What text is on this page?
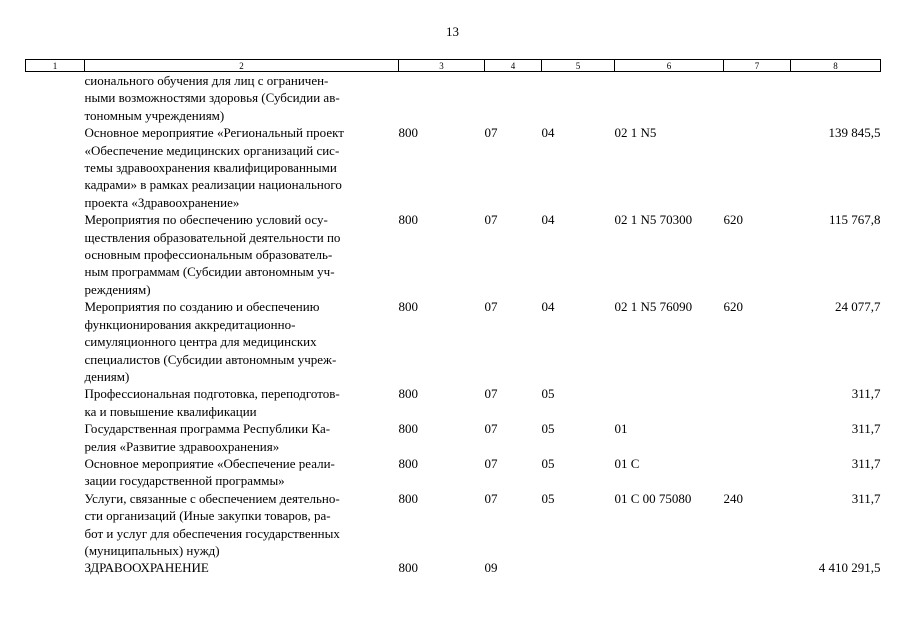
13
1	2	3	4	5	6	7	8
	сионального обучения для лиц с ограничен-
ными возможностями здоровья (Субсидии ав-
тономным учреждениям)						
	Основное мероприятие «Региональный проект
«Обеспечение медицинских организаций сис-
темы здравоохранения квалифицированными
кадрами» в рамках реализации национального
проекта «Здравоохранение»	800	07	04	02 1 N5		139 845,5
	Мероприятия по обеспечению условий осу-
ществления образовательной деятельности по
основным профессиональным образователь-
ным программам (Субсидии автономным уч-
реждениям)	800	07	04	02 1 N5 70300	620	115 767,8
	Мероприятия по созданию и обеспечению
функционирования аккредитационно-
симуляционного центра для медицинских
специалистов (Субсидии автономным учреж-
дениям)	800	07	04	02 1 N5 76090	620	24 077,7
	Профессиональная подготовка, переподготов-
ка и повышение квалификации	800	07	05			311,7
	Государственная программа Республики Ка-
релия «Развитие здравоохранения»	800	07	05	01		311,7
	Основное мероприятие «Обеспечение реали-
зации государственной программы»	800	07	05	01 С		311,7
	Услуги, связанные с обеспечением деятельно-
сти организаций (Иные закупки товаров, ра-
бот и услуг для обеспечения государственных
(муниципальных) нужд)	800	07	05	01 С 00 75080	240	311,7
	ЗДРАВООХРАНЕНИЕ	800	09				4 410 291,5
